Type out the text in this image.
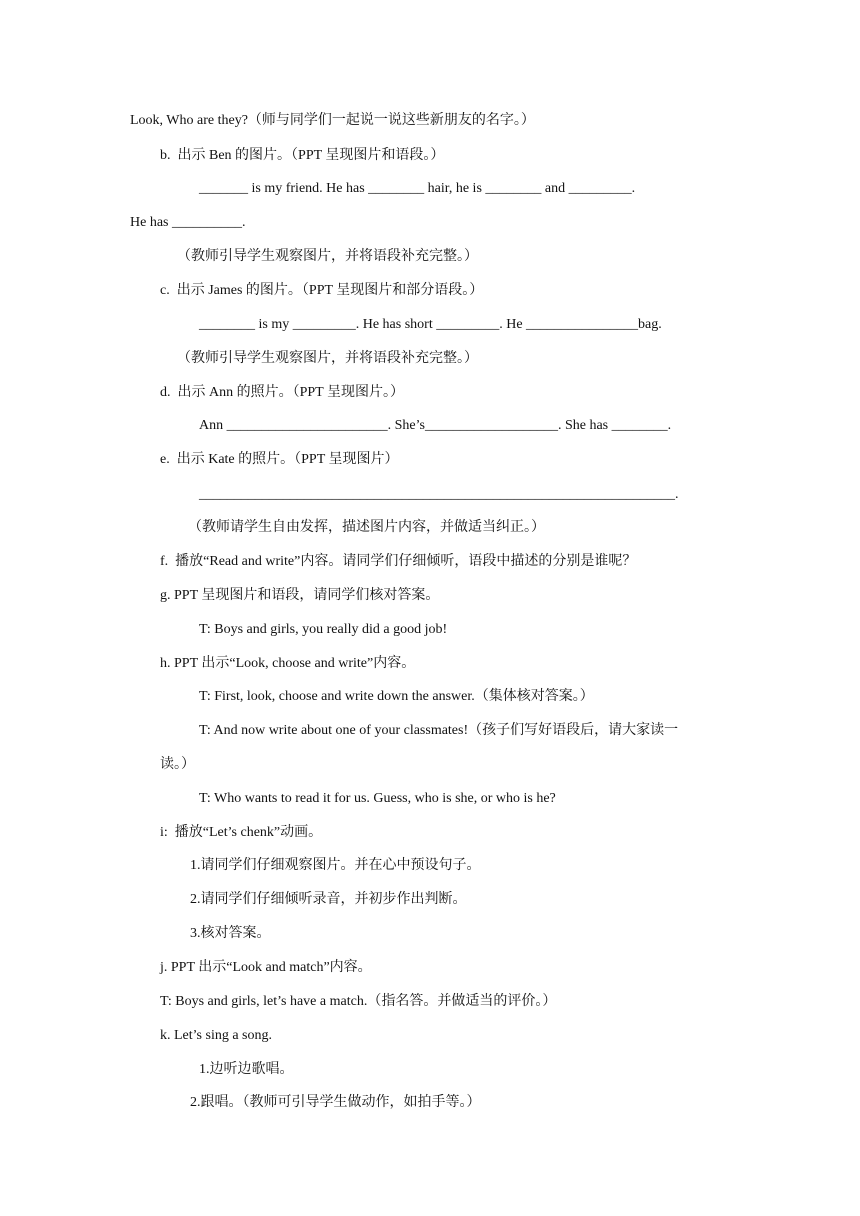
Look, Who are they?（师与同学们一起说一说这些新朋友的名字。）
b.  出示 Ben 的图片。（PPT 呈现图片和语段。）
_______ is my friend. He has ________ hair, he is ________ and _________.
He has __________.
（教师引导学生观察图片，并将语段补充完整。）
c.  出示 James 的图片。（PPT 呈现图片和部分语段。）
________ is my _________. He has short _________. He ________________bag.
（教师引导学生观察图片，并将语段补充完整。）
d.  出示 Ann 的照片。（PPT 呈现图片。）
Ann _______________________. She’s___________________. She has ________.
e.  出示 Kate 的照片。（PPT 呈现图片）
____________________________________________________________________.
（教师请学生自由发挥，描述图片内容，并做适当纠正。）
f.  播放“Read and write”内容。请同学们仔细倾听，语段中描述的分别是谁呢？
g. PPT 呈现图片和语段，请同学们核对答案。
T: Boys and girls, you really did a good job!
h. PPT 出示“Look, choose and write”内容。
T: First, look, choose and write down the answer.（集体核对答案。）
T: And now write about one of your classmates!（孩子们写好语段后，请大家读一
读。）
T: Who wants to read it for us. Guess, who is she, or who is he?
i:  播放“Let’s chenk”动画。
1.请同学们仔细观察图片。并在心中预设句子。
2.请同学们仔细倾听录音，并初步作出判断。
3.核对答案。
j. PPT 出示“Look and match”内容。
T: Boys and girls, let’s have a match.（指名答。并做适当的评价。）
k. Let’s sing a song.
1.边听边歌唱。
2.跟唱。（教师可引导学生做动作，如拍手等。）
